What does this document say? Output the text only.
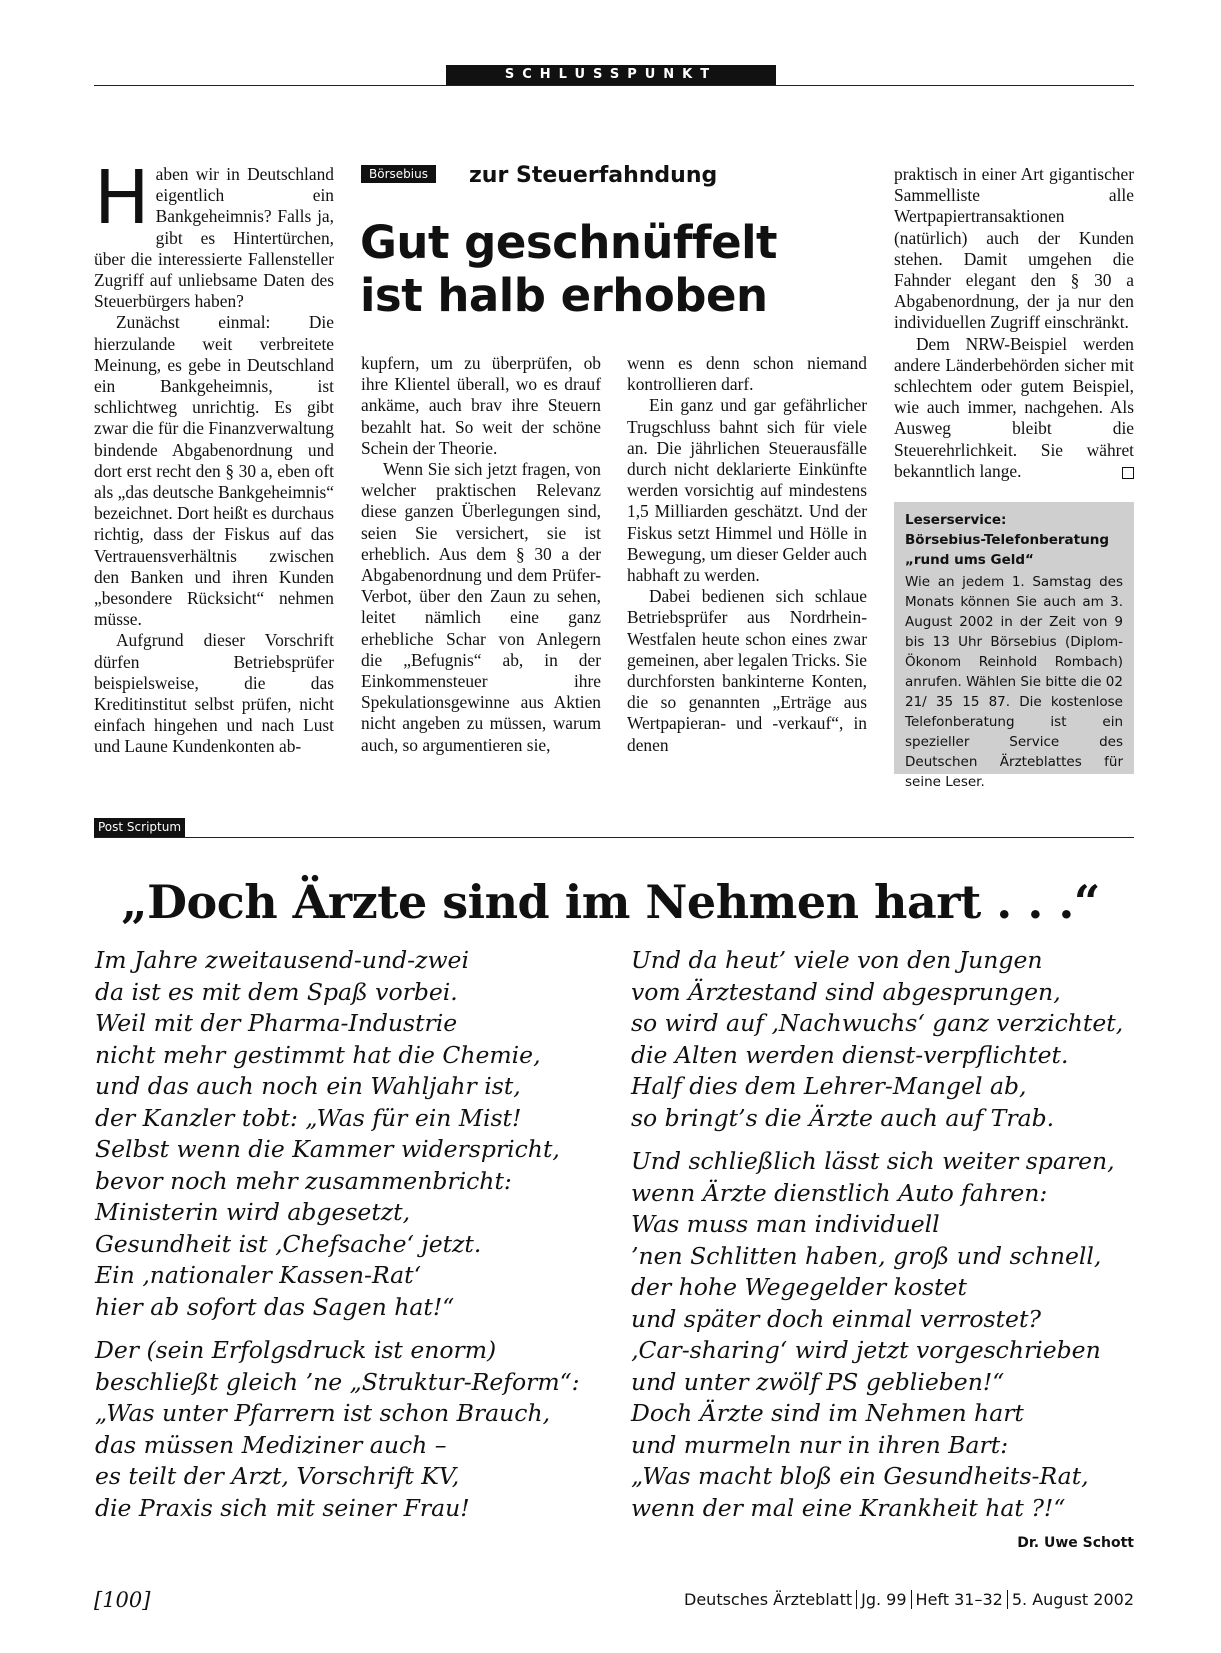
SCHLUSSPUNKT
Börsebius	zur Steuerfahndung
Gut geschnüffelt
ist halb erhoben

Haben wir in Deutschland eigentlich ein Bankgeheimnis? Falls ja, gibt es Hintertürchen, über die interessierte Fallensteller Zugriff auf unliebsame Daten des Steuerbürgers haben?

Zunächst einmal: Die hierzulande weit verbreitete Meinung, es gebe in Deutschland ein Bankgeheimnis, ist schlichtweg unrichtig. Es gibt zwar die für die Finanzverwaltung bindende Abgabenordnung und dort erst recht den § 30 a, eben oft als „das deutsche Bankgeheimnis“ bezeichnet. Dort heißt es durchaus richtig, dass der Fiskus auf das Vertrauensverhältnis zwischen den Banken und ihren Kunden „besondere Rücksicht“ nehmen müsse.

Aufgrund dieser Vorschrift dürfen Betriebsprüfer beispielsweise, die das Kreditinstitut selbst prüfen, nicht einfach hingehen und nach Lust und Laune Kundenkonten ab-

kupfern, um zu überprüfen, ob ihre Klientel überall, wo es drauf ankäme, auch brav ihre Steuern bezahlt hat. So weit der schöne Schein der Theorie.

Wenn Sie sich jetzt fragen, von welcher praktischen Relevanz diese ganzen Überlegungen sind, seien Sie versichert, sie ist erheblich. Aus dem § 30 a der Abgabenordnung und dem Prüfer-Verbot, über den Zaun zu sehen, leitet nämlich eine ganz erhebliche Schar von Anlegern die „Befugnis“ ab, in der Einkommensteuer ihre Spekulationsgewinne aus Aktien nicht angeben zu müssen, warum auch, so argumentieren sie,

wenn es denn schon niemand kontrollieren darf.

Ein ganz und gar gefährlicher Trugschluss bahnt sich für viele an. Die jährlichen Steuerausfälle durch nicht deklarierte Einkünfte werden vorsichtig auf mindestens 1,5 Milliarden geschätzt. Und der Fiskus setzt Himmel und Hölle in Bewegung, um dieser Gelder auch habhaft zu werden.

Dabei bedienen sich schlaue Betriebsprüfer aus Nordrhein-Westfalen heute schon eines zwar gemeinen, aber legalen Tricks. Sie durchforsten bankinterne Konten, die so genannten „Erträge aus Wertpapieran- und -verkauf“, in denen

praktisch in einer Art gigantischer Sammelliste alle Wertpapiertransaktionen (natürlich) auch der Kunden stehen. Damit umgehen die Fahnder elegant den § 30 a Abgabenordnung, der ja nur den individuellen Zugriff einschränkt.

Dem NRW-Beispiel werden andere Länderbehörden sicher mit schlechtem oder gutem Beispiel, wie auch immer, nachgehen. Als Ausweg bleibt die Steuerehrlichkeit. Sie währet bekanntlich lange.

Leserservice:
Börsebius-Telefonberatung
„rund ums Geld“
Wie an jedem 1. Samstag des Monats können Sie auch am 3. August 2002 in der Zeit von 9 bis 13 Uhr Börsebius (Diplom-Ökonom Reinhold Rombach) anrufen. Wählen Sie bitte die 02 21/ 35 15 87. Die kostenlose Telefonberatung ist ein spezieller Service des Deutschen Ärzteblattes für seine Leser.
Post Scriptum
„Doch Ärzte sind im Nehmen hart . . .“
Im Jahre zweitausend-und-zwei
da ist es mit dem Spaß vorbei.
Weil mit der Pharma-Industrie
nicht mehr gestimmt hat die Chemie,
und das auch noch ein Wahljahr ist,
der Kanzler tobt: „Was für ein Mist!
Selbst wenn die Kammer widerspricht,
bevor noch mehr zusammenbricht:
Ministerin wird abgesetzt,
Gesundheit ist ‚Chefsache‘ jetzt.
Ein ‚nationaler Kassen-Rat‘
hier ab sofort das Sagen hat!“
Der (sein Erfolgsdruck ist enorm)
beschließt gleich ’ne „Struktur-Reform“:
„Was unter Pfarrern ist schon Brauch,
das müssen Mediziner auch –
es teilt der Arzt, Vorschrift KV,
die Praxis sich mit seiner Frau!
Und da heut’ viele von den Jungen
vom Ärztestand sind abgesprungen,
so wird auf ‚Nachwuchs‘ ganz verzichtet,
die Alten werden dienst-verpflichtet.
Half dies dem Lehrer-Mangel ab,
so bringt’s die Ärzte auch auf Trab.
Und schließlich lässt sich weiter sparen,
wenn Ärzte dienstlich Auto fahren:
Was muss man individuell
’nen Schlitten haben, groß und schnell,
der hohe Wegegelder kostet
und später doch einmal verrostet?
‚Car-sharing‘ wird jetzt vorgeschrieben
und unter zwölf PS geblieben!“
Doch Ärzte sind im Nehmen hart
und murmeln nur in ihren Bart:
„Was macht bloß ein Gesundheits-Rat,
wenn der mal eine Krankheit hat ?!“
Dr. Uwe Schott
[100]	Deutsches Ärzteblatt Jg. 99 Heft 31–32 5. August 2002
